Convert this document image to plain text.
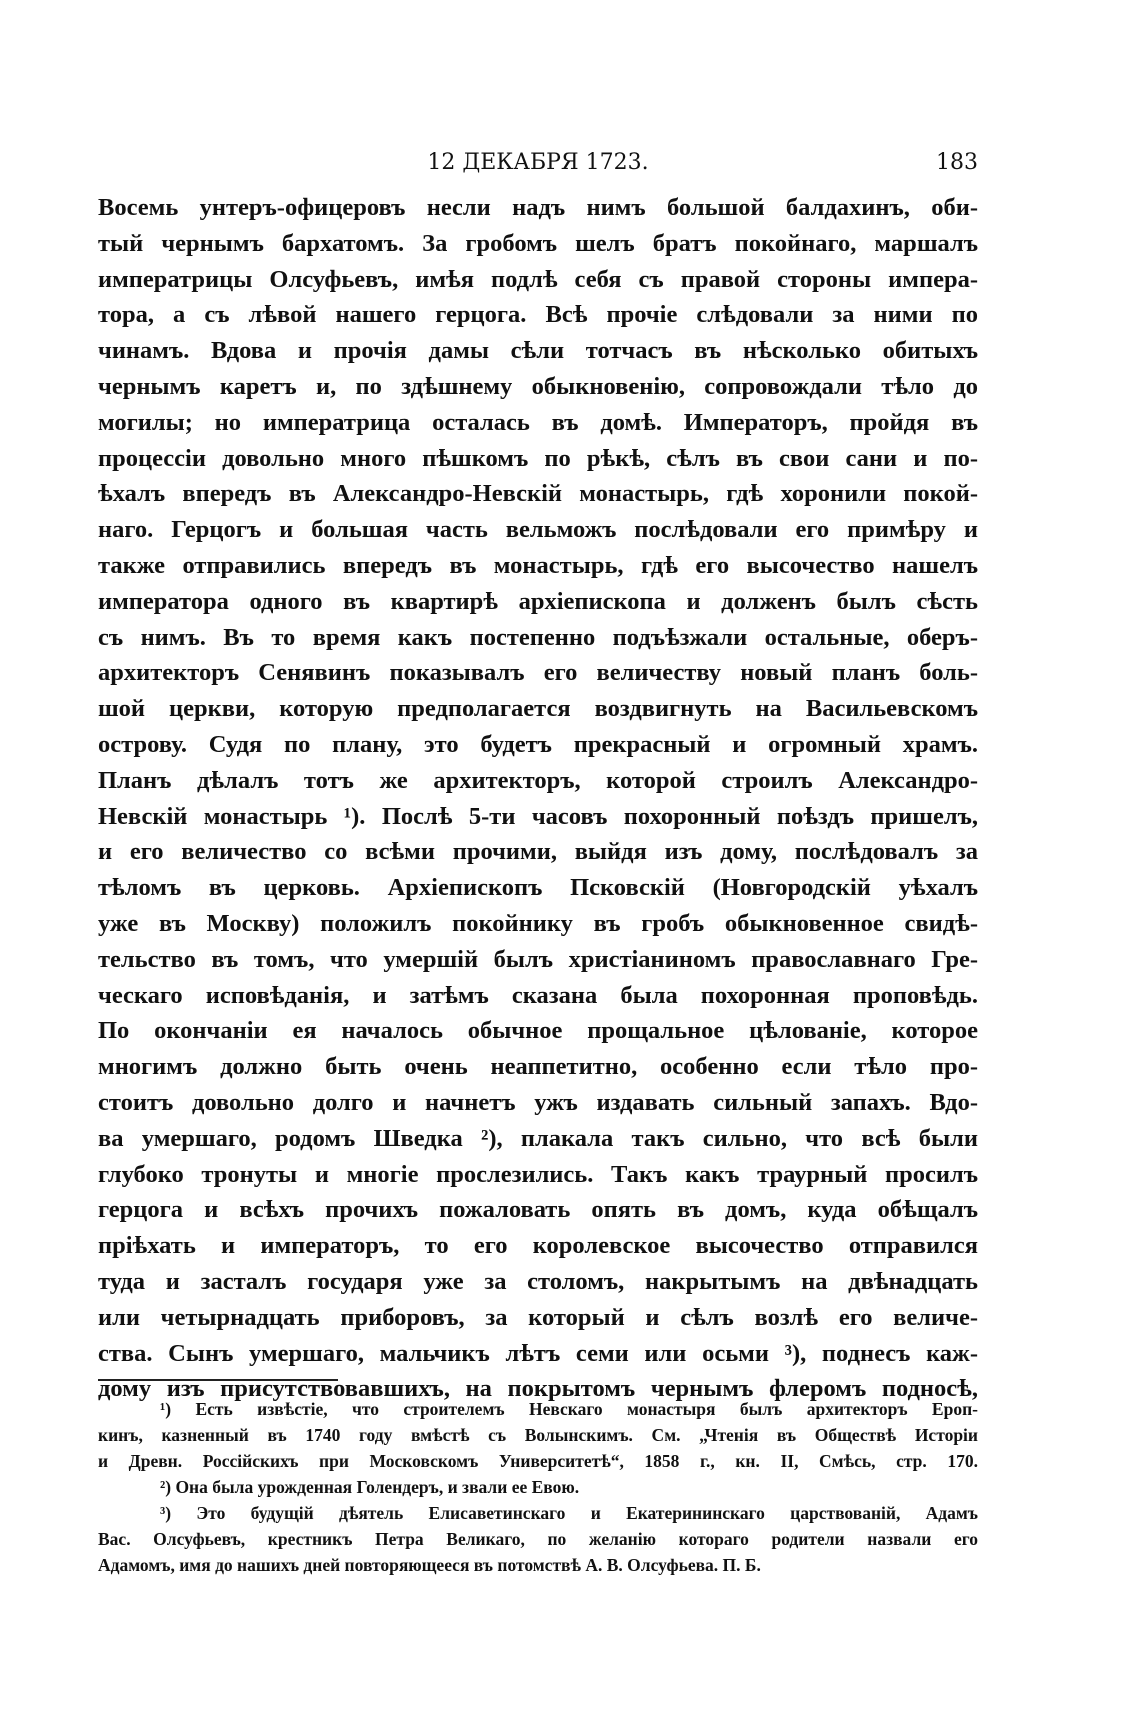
12 ДЕКАБРЯ 1723.	183
Восемь унтеръ-офицеровъ несли надъ нимъ большой балдахинъ, оби-
тый чернымъ бархатомъ. За гробомъ шелъ братъ покойнаго, маршалъ
императрицы Олсуфьевъ, имѣя подлѣ себя съ правой стороны импера-
тора, а съ лѣвой нашего герцога. Всѣ прочіе слѣдовали за ними по
чинамъ. Вдова и прочія дамы сѣли тотчасъ въ нѣсколько обитыхъ
чернымъ каретъ и, по здѣшнему обыкновенію, сопровождали тѣло до
могилы; но императрица осталась въ домѣ. Императоръ, пройдя въ
процессіи довольно много пѣшкомъ по рѣкѣ, сѣлъ въ свои сани и по-
ѣхалъ впередъ въ Александро-Невскій монастырь, гдѣ хоронили покой-
наго. Герцогъ и большая часть вельможъ послѣдовали его примѣру и
также отправились впередъ въ монастырь, гдѣ его высочество нашелъ
императора одного въ квартирѣ архіепископа и долженъ былъ сѣсть
съ нимъ. Въ то время какъ постепенно подъѣзжали остальные, оберъ-
архитекторъ Сенявинъ показывалъ его величеству новый планъ боль-
шой церкви, которую предполагается воздвигнуть на Васильевскомъ
острову. Судя по плану, это будетъ прекрасный и огромный храмъ.
Планъ дѣлалъ тотъ же архитекторъ, которой строилъ Александро-
Невскій монастырь ¹). Послѣ 5-ти часовъ похоронный поѣздъ пришелъ,
и его величество со всѣми прочими, выйдя изъ дому, послѣдовалъ за
тѣломъ въ церковь. Архіепископъ Псковскій (Новгородскій уѣхалъ
уже въ Москву) положилъ покойнику въ гробъ обыкновенное свидѣ-
тельство въ томъ, что умершій былъ христіаниномъ православнаго Гре-
ческаго исповѣданія, и затѣмъ сказана была похоронная проповѣдь.
По окончаніи ея началось обычное прощальное цѣлованіе, которое
многимъ должно быть очень неаппетитно, особенно если тѣло про-
стоитъ довольно долго и начнетъ ужъ издавать сильный запахъ. Вдо-
ва умершаго, родомъ Шведка ²), плакала такъ сильно, что всѣ были
глубоко тронуты и многіе прослезились. Такъ какъ траурный просилъ
герцога и всѣхъ прочихъ пожаловать опять въ домъ, куда обѣщалъ
пріѣхать и императоръ, то его королевское высочество отправился
туда и засталъ государя уже за столомъ, накрытымъ на двѣнадцать
или четырнадцать приборовъ, за который и сѣлъ возлѣ его величе-
ства. Сынъ умершаго, мальчикъ лѣтъ семи или осьми ³), поднесъ каж-
дому изъ присутствовавшихъ, на покрытомъ чернымъ флеромъ подносѣ,
¹) Есть извѣстіе, что строителемъ Невскаго монастыря былъ архитекторъ Ероп-
кинъ, казненный въ 1740 году вмѣстѣ съ Волынскимъ. См. „Чтенія въ Обществѣ Исторіи
и Древн. Россійскихъ при Московскомъ Университетѣ“, 1858 г., кн. II, Смѣсь, стр. 170.
²) Она была урожденная Голендеръ, и звали ее Евою.
³) Это будущій дѣятель Елисаветинскаго и Екатерининскаго царствованій, Адамъ
Вас. Олсуфьевъ, крестникъ Петра Великаго, по желанію котораго родители назвали его
Адамомъ, имя до нашихъ дней повторяющееся въ потомствѣ А. В. Олсуфьева. П. Б.
